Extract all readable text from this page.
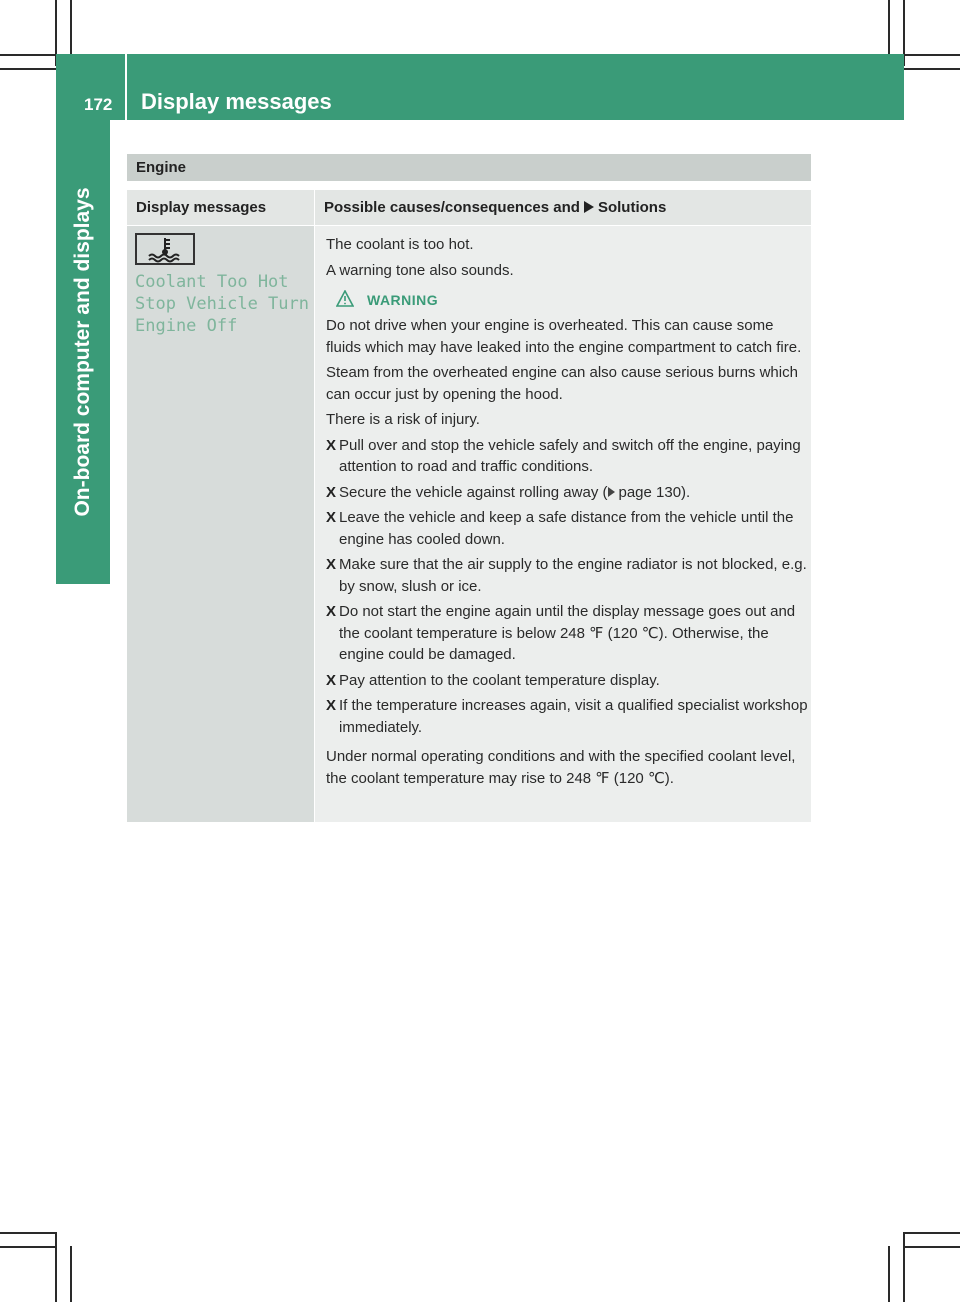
172 Display messages
On-board computer and displays
Engine
Display messages	Possible causes/consequences and Solutions
Coolant Too Hot
Stop Vehicle Turn
Engine Off
The coolant is too hot.
A warning tone also sounds.
WARNING
Do not drive when your engine is overheated. This can cause some fluids which may have leaked into the engine compartment to catch fire.
Steam from the overheated engine can also cause serious burns which can occur just by opening the hood.
There is a risk of injury.
X Pull over and stop the vehicle safely and switch off the engine, paying attention to road and traffic conditions.
X Secure the vehicle against rolling away ( page 130).
X Leave the vehicle and keep a safe distance from the vehicle until the engine has cooled down.
X Make sure that the air supply to the engine radiator is not blocked, e.g. by snow, slush or ice.
X Do not start the engine again until the display message goes out and the coolant temperature is below 248 ℉ (120 ℃). Otherwise, the engine could be damaged.
X Pay attention to the coolant temperature display.
X If the temperature increases again, visit a qualified specialist workshop immediately.
Under normal operating conditions and with the specified coolant level, the coolant temperature may rise to 248 ℉ (120 ℃).
